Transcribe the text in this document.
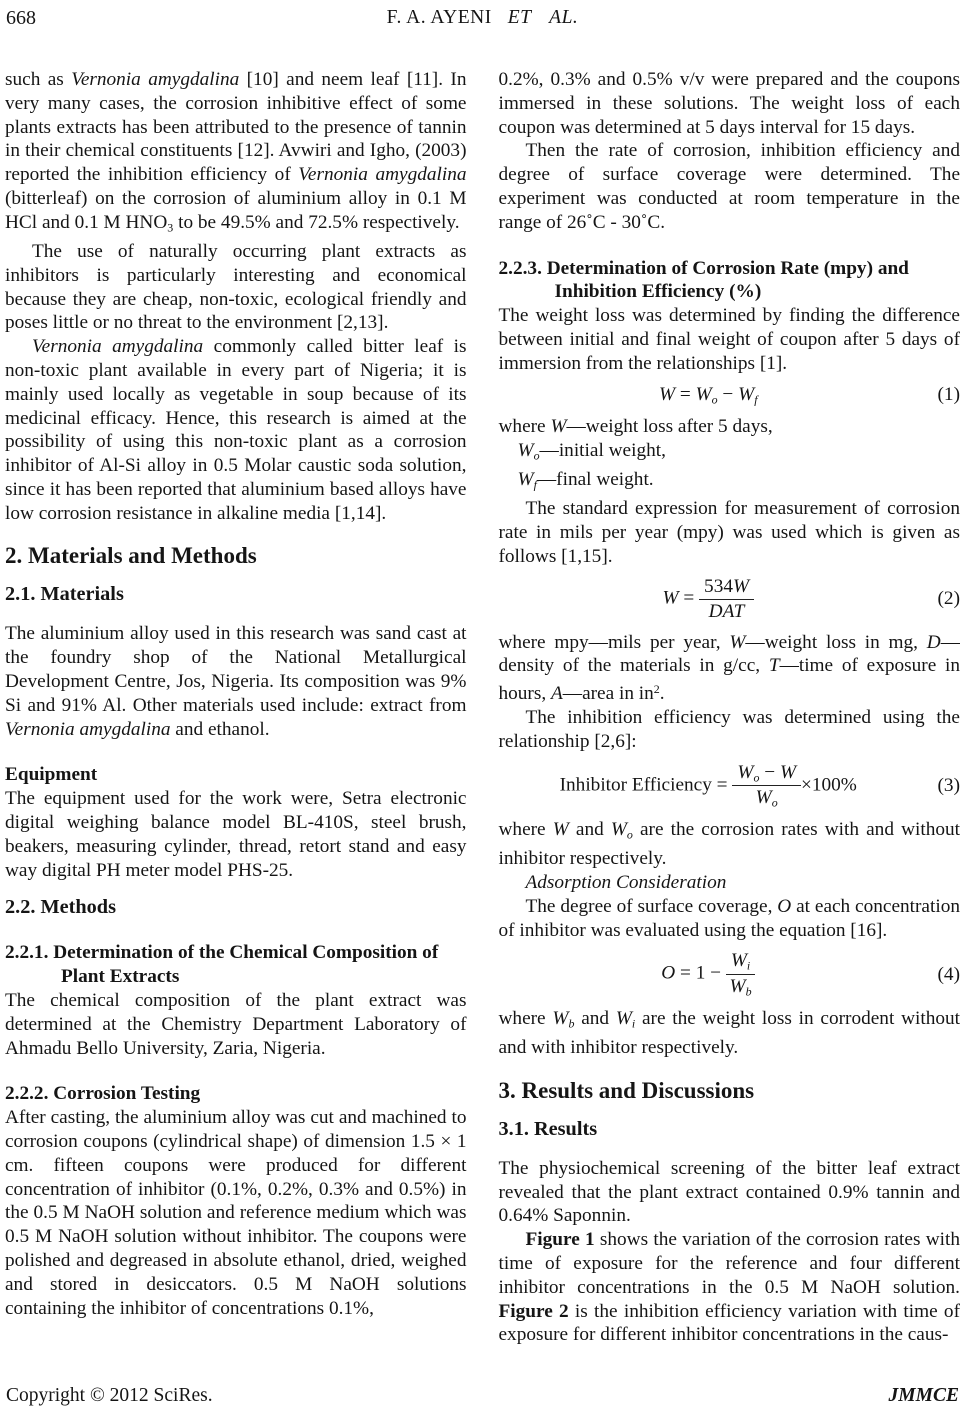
668	F. A. AYENI ET AL.

such as Vernonia amygdalina [10] and neem leaf [11]. In very many cases, the corrosion inhibitive effect of some plants extracts has been attributed to the presence of tannin in their chemical constituents [12]. Avwiri and Igho, (2003) reported the inhibition efficiency of Vernonia amygdalina (bitterleaf) on the corrosion of aluminium alloy in 0.1 M HCl and 0.1 M HNO3 to be 49.5% and 72.5% respectively.

The use of naturally occurring plant extracts as inhibitors is particularly interesting and economical because they are cheap, non-toxic, ecological friendly and poses little or no threat to the environment [2,13].

Vernonia amygdalina commonly called bitter leaf is non-toxic plant available in every part of Nigeria; it is mainly used locally as vegetable in soup because of its medicinal efficacy. Hence, this research is aimed at the possibility of using this non-toxic plant as a corrosion inhibitor of Al-Si alloy in 0.5 Molar caustic soda solution, since it has been reported that aluminium based alloys have low corrosion resistance in alkaline media [1,14].

2. Materials and Methods
2.1. Materials

The aluminium alloy used in this research was sand cast at the foundry shop of the National Metallurgical Development Centre, Jos, Nigeria. Its composition was 9% Si and 91% Al. Other materials used include: extract from Vernonia amygdalina and ethanol.

Equipment

The equipment used for the work were, Setra electronic digital weighing balance model BL-410S, steel brush, beakers, measuring cylinder, thread, retort stand and easy way digital PH meter model PHS-25.

2.2. Methods
2.2.1. Determination of the Chemical Composition of Plant Extracts

The chemical composition of the plant extract was determined at the Chemistry Department Laboratory of Ahmadu Bello University, Zaria, Nigeria.

2.2.2. Corrosion Testing

After casting, the aluminium alloy was cut and machined to corrosion coupons (cylindrical shape) of dimension 1.5 × 1 cm. fifteen coupons were produced for different concentration of inhibitor (0.1%, 0.2%, 0.3% and 0.5%) in the 0.5 M NaOH solution and reference medium which was 0.5 M NaOH solution without inhibitor. The coupons were polished and degreased in absolute ethanol, dried, weighed and stored in desiccators. 0.5 M NaOH solutions containing the inhibitor of concentrations 0.1%,

0.2%, 0.3% and 0.5% v/v were prepared and the coupons immersed in these solutions. The weight loss of each coupon was determined at 5 days interval for 15 days.

Then the rate of corrosion, inhibition efficiency and degree of surface coverage were determined. The experiment was conducted at room temperature in the range of 26˚C - 30˚C.

2.2.3. Determination of Corrosion Rate (mpy) and Inhibition Efficiency (%)

The weight loss was determined by finding the difference between initial and final weight of coupon after 5 days of immersion from the relationships [1].

W = Wo − Wf	(1)

where W—weight loss after 5 days,

Wo—initial weight,

Wf—final weight.

The standard expression for measurement of corrosion rate in mils per year (mpy) was used which is given as follows [1,15].

$W = \frac{534W}{\text{DAT}}$	(2)

where mpy—mils per year, W—weight loss in mg, D—density of the materials in g/cc, T—time of exposure in hours, A—area in $in^2$.

The inhibition efficiency was determined using the relationship [2,6]:

Inhibitor Efficiency = $\frac{Wo - W}{Wo} \times 100\%$	(3)

where W and Wo are the corrosion rates with and without inhibitor respectively.

Adsorption Consideration

The degree of surface coverage, O at each concentration of inhibitor was evaluated using the equation [16].

$O = 1 - \frac{Wi}{Wb}$	(4)

where Wb and Wi are the weight loss in corrodent without and with inhibitor respectively.

3. Results and Discussions
3.1. Results

The physiochemical screening of the bitter leaf extract revealed that the plant extract contained 0.9% tannin and 0.64% Saponnin.

Figure 1 shows the variation of the corrosion rates with time of exposure for the reference and four different inhibitor concentrations in the 0.5 M NaOH solution. Figure 2 is the inhibition efficiency variation with time of exposure for different inhibitor concentrations in the caus-

Copyright © 2012 SciRes.	JMMCE
